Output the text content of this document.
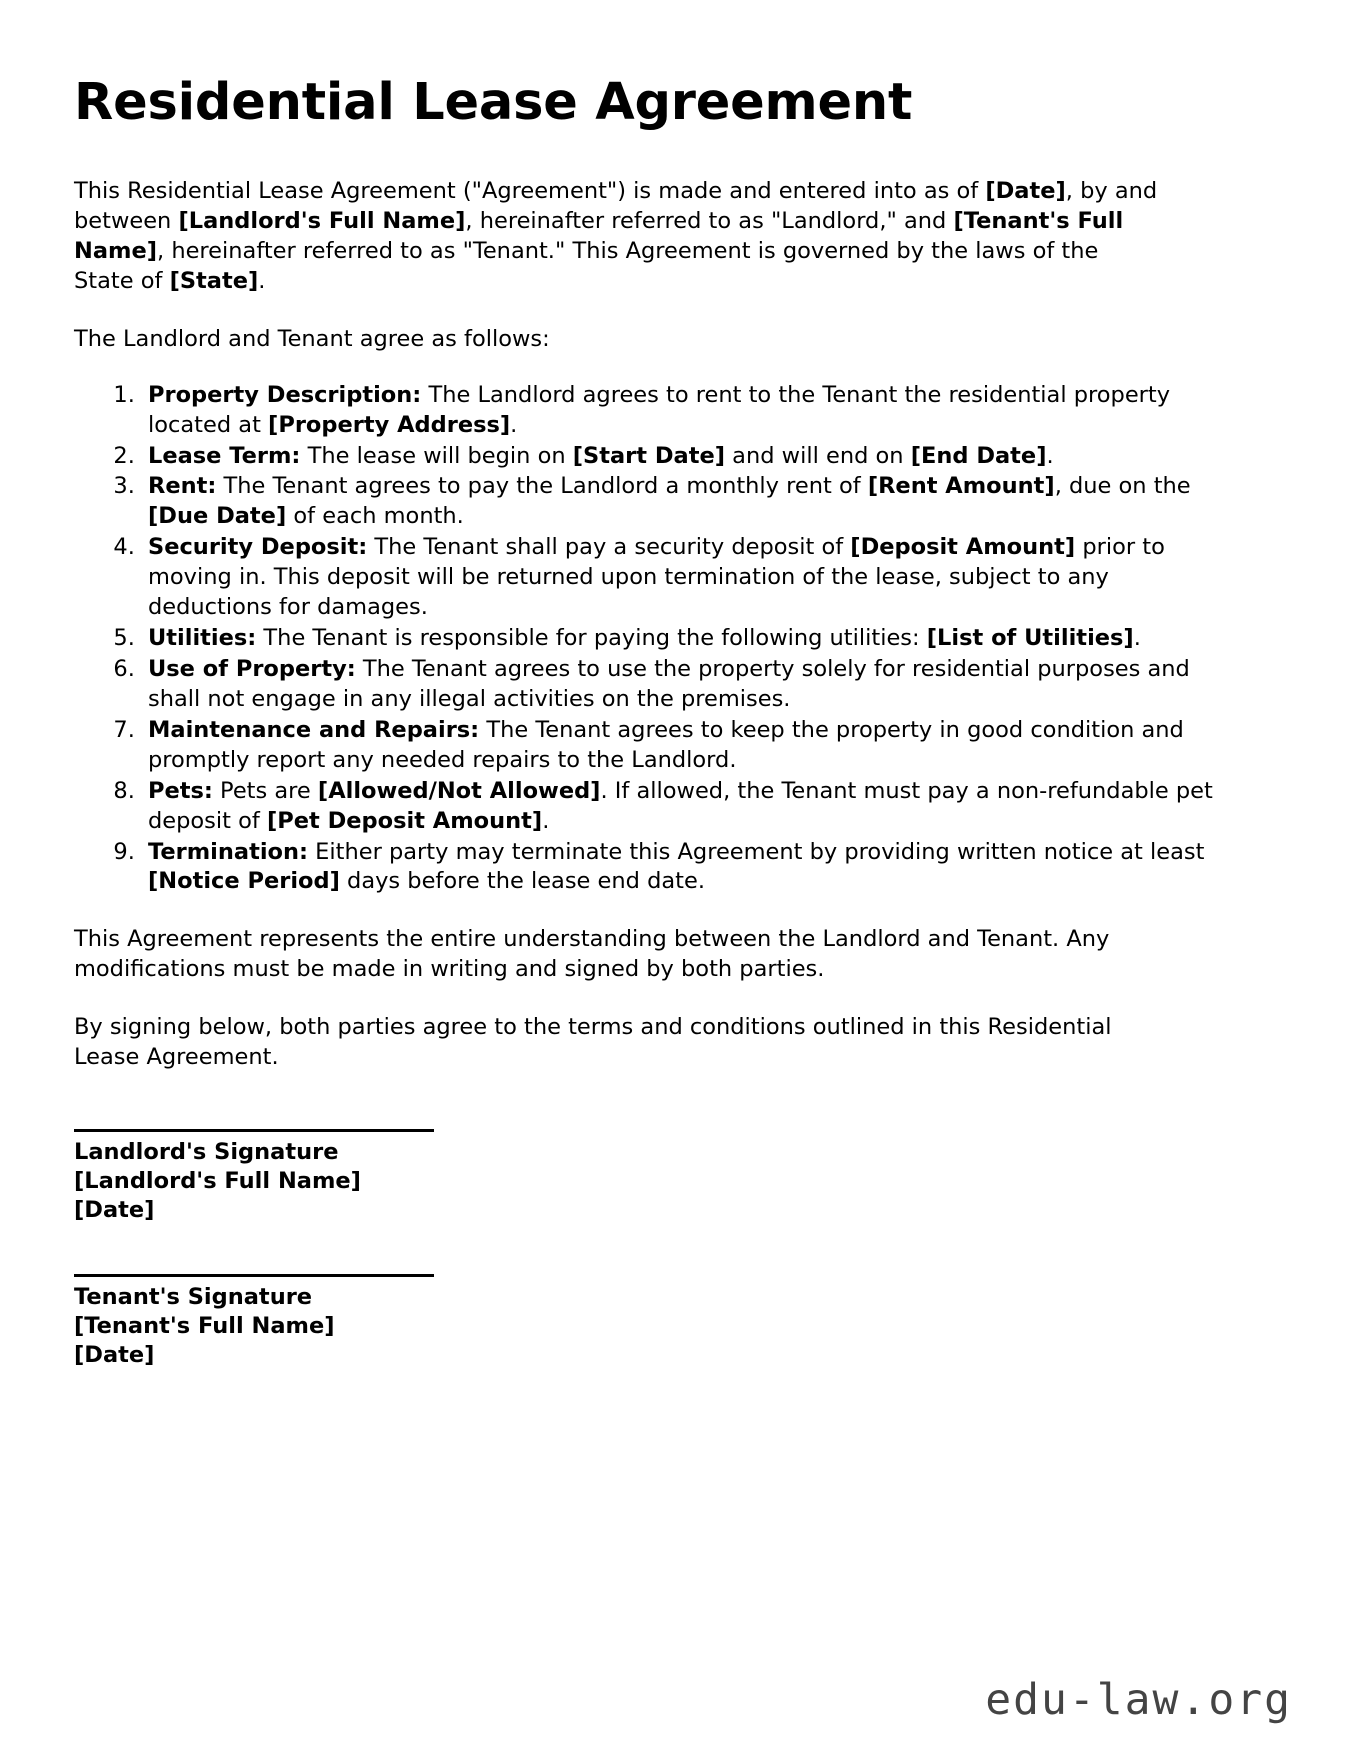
Residential Lease Agreement

This Residential Lease Agreement ("Agreement") is made and entered into as of [Date], by and between [Landlord's Full Name], hereinafter referred to as "Landlord," and [Tenant's Full Name], hereinafter referred to as "Tenant." This Agreement is governed by the laws of the State of [State].

The Landlord and Tenant agree as follows:

1. Property Description: The Landlord agrees to rent to the Tenant the residential property located at [Property Address].
2. Lease Term: The lease will begin on [Start Date] and will end on [End Date].
3. Rent: The Tenant agrees to pay the Landlord a monthly rent of [Rent Amount], due on the [Due Date] of each month.
4. Security Deposit: The Tenant shall pay a security deposit of [Deposit Amount] prior to moving in. This deposit will be returned upon termination of the lease, subject to any deductions for damages.
5. Utilities: The Tenant is responsible for paying the following utilities: [List of Utilities].
6. Use of Property: The Tenant agrees to use the property solely for residential purposes and shall not engage in any illegal activities on the premises.
7. Maintenance and Repairs: The Tenant agrees to keep the property in good condition and promptly report any needed repairs to the Landlord.
8. Pets: Pets are [Allowed/Not Allowed]. If allowed, the Tenant must pay a non-refundable pet deposit of [Pet Deposit Amount].
9. Termination: Either party may terminate this Agreement by providing written notice at least [Notice Period] days before the lease end date.

This Agreement represents the entire understanding between the Landlord and Tenant. Any modifications must be made in writing and signed by both parties.

By signing below, both parties agree to the terms and conditions outlined in this Residential Lease Agreement.

Landlord's Signature
[Landlord's Full Name]
[Date]
Tenant's Signature
[Tenant's Full Name]
[Date]
edu-law.org
